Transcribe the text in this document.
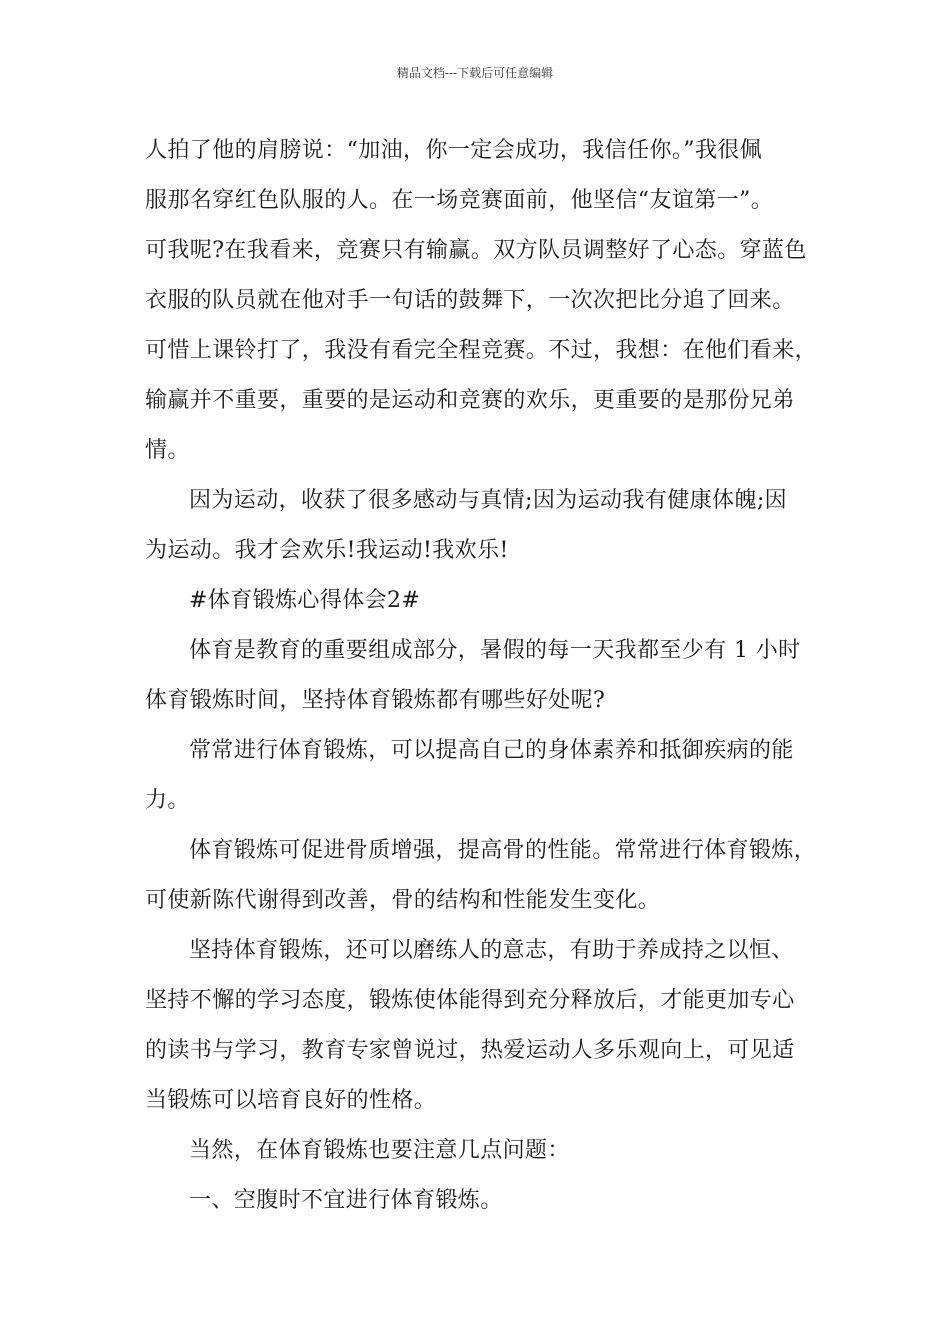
精品文档---下载后可任意编辑
人拍了他的肩膀说：“加油，你一定会成功，我信任你。”我很佩
服那名穿红色队服的人。在一场竞赛面前，他坚信“友谊第一”。
可我呢?在我看来，竞赛只有输赢。双方队员调整好了心态。穿蓝色
衣服的队员就在他对手一句话的鼓舞下，一次次把比分追了回来。
可惜上课铃打了，我没有看完全程竞赛。不过，我想：在他们看来，
输赢并不重要，重要的是运动和竞赛的欢乐，更重要的是那份兄弟
情。
因为运动，收获了很多感动与真情;因为运动我有健康体魄;因
为运动。我才会欢乐!我运动!我欢乐!
#体育锻炼心得体会2#
体育是教育的重要组成部分，暑假的每一天我都至少有 1 小时
体育锻炼时间，坚持体育锻炼都有哪些好处呢?
常常进行体育锻炼，可以提高自己的身体素养和抵御疾病的能
力。
体育锻炼可促进骨质增强，提高骨的性能。常常进行体育锻炼，
可使新陈代谢得到改善，骨的结构和性能发生变化。
坚持体育锻炼，还可以磨练人的意志，有助于养成持之以恒、
坚持不懈的学习态度，锻炼使体能得到充分释放后，才能更加专心
的读书与学习，教育专家曾说过，热爱运动人多乐观向上，可见适
当锻炼可以培育良好的性格。
当然，在体育锻炼也要注意几点问题：
一、空腹时不宜进行体育锻炼。
